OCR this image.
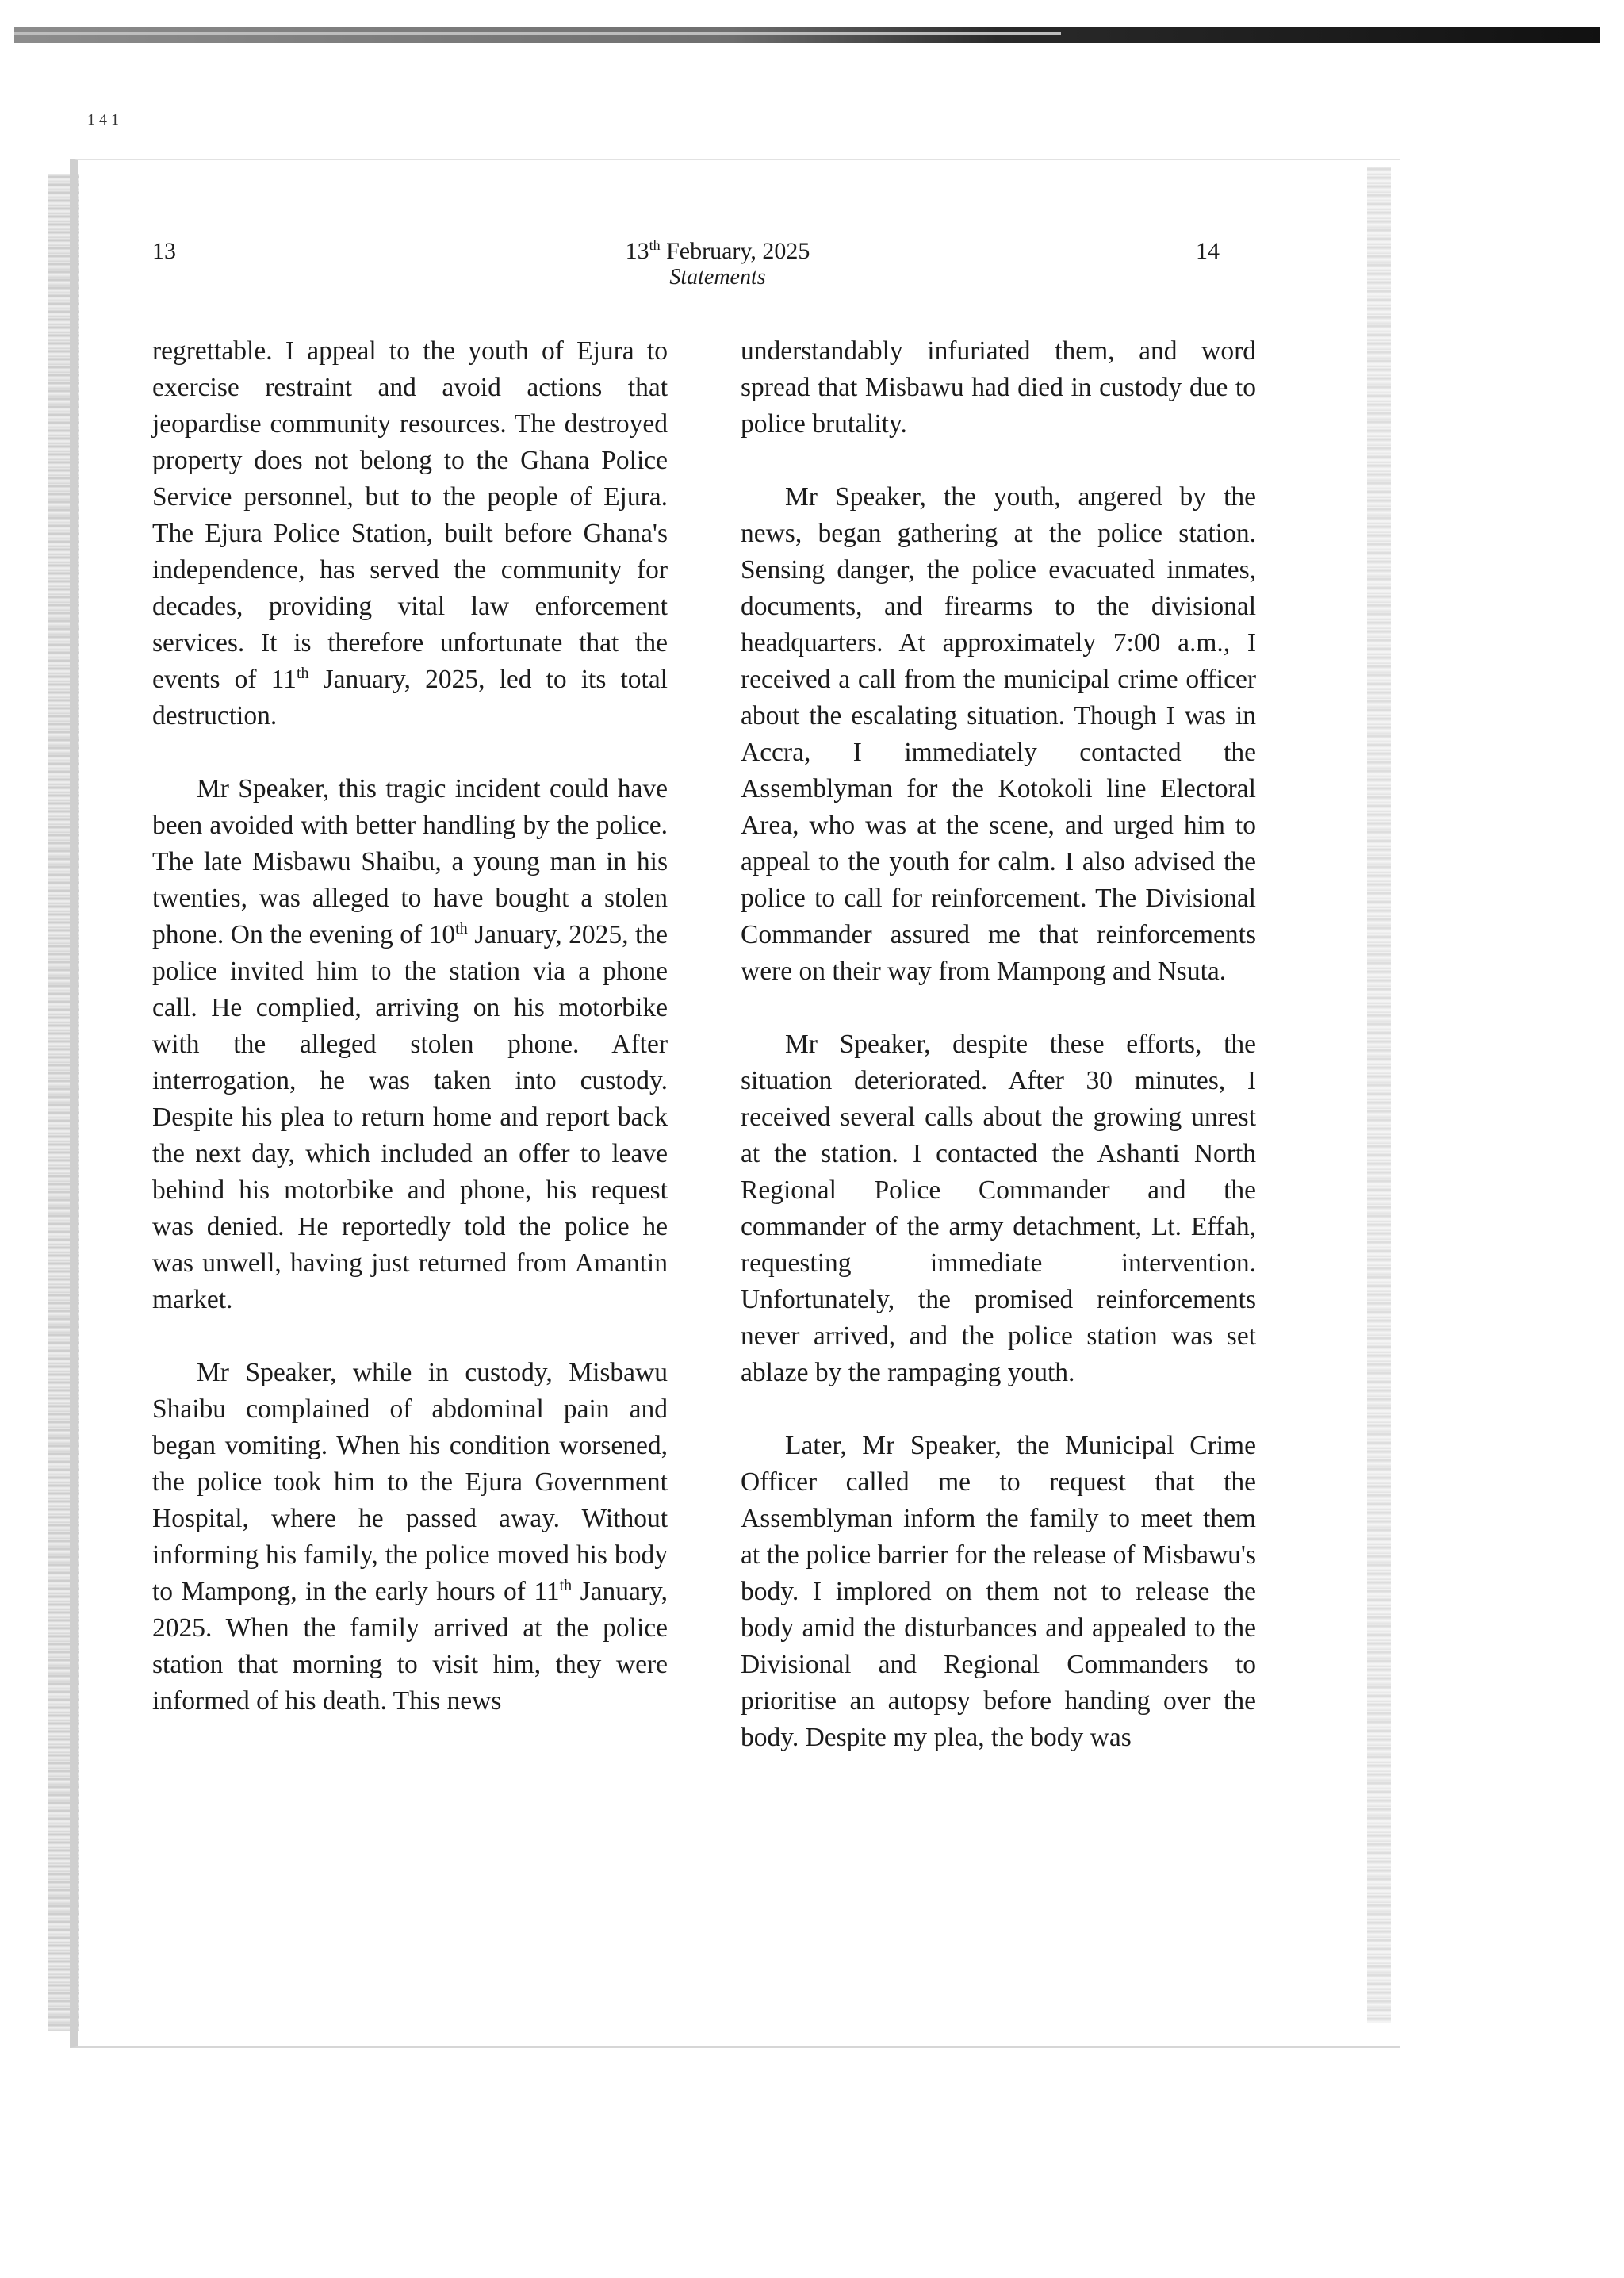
1 4 1
13	13th February, 2025
Statements
14

regrettable. I appeal to the youth of Ejura to exercise restraint and avoid actions that jeopardise community resources. The destroyed property does not belong to the Ghana Police Service personnel, but to the people of Ejura. The Ejura Police Station, built before Ghana's independence, has served the community for decades, providing vital law enforcement services. It is therefore unfortunate that the events of 11th January, 2025, led to its total destruction.

Mr Speaker, this tragic incident could have been avoided with better handling by the police. The late Misbawu Shaibu, a young man in his twenties, was alleged to have bought a stolen phone. On the evening of 10th January, 2025, the police invited him to the station via a phone call. He complied, arriving on his motorbike with the alleged stolen phone. After interrogation, he was taken into custody. Despite his plea to return home and report back the next day, which included an offer to leave behind his motorbike and phone, his request was denied. He reportedly told the police he was unwell, having just returned from Amantin market.

Mr Speaker, while in custody, Misbawu Shaibu complained of abdominal pain and began vomiting. When his condition worsened, the police took him to the Ejura Government Hospital, where he passed away. Without informing his family, the police moved his body to Mampong, in the early hours of 11th January, 2025. When the family arrived at the police station that morning to visit him, they were informed of his death. This news

understandably infuriated them, and word spread that Misbawu had died in custody due to police brutality.

Mr Speaker, the youth, angered by the news, began gathering at the police station. Sensing danger, the police evacuated inmates, documents, and firearms to the divisional headquarters. At approximately 7:00 a.m., I received a call from the municipal crime officer about the escalating situation. Though I was in Accra, I immediately contacted the Assemblyman for the Kotokoli line Electoral Area, who was at the scene, and urged him to appeal to the youth for calm. I also advised the police to call for reinforcement. The Divisional Commander assured me that reinforcements were on their way from Mampong and Nsuta.

Mr Speaker, despite these efforts, the situation deteriorated. After 30 minutes, I received several calls about the growing unrest at the station. I contacted the Ashanti North Regional Police Commander and the commander of the army detachment, Lt. Effah, requesting immediate intervention. Unfortunately, the promised reinforcements never arrived, and the police station was set ablaze by the rampaging youth.

Later, Mr Speaker, the Municipal Crime Officer called me to request that the Assemblyman inform the family to meet them at the police barrier for the release of Misbawu's body. I implored on them not to release the body amid the disturbances and appealed to the Divisional and Regional Commanders to prioritise an autopsy before handing over the body. Despite my plea, the body was
